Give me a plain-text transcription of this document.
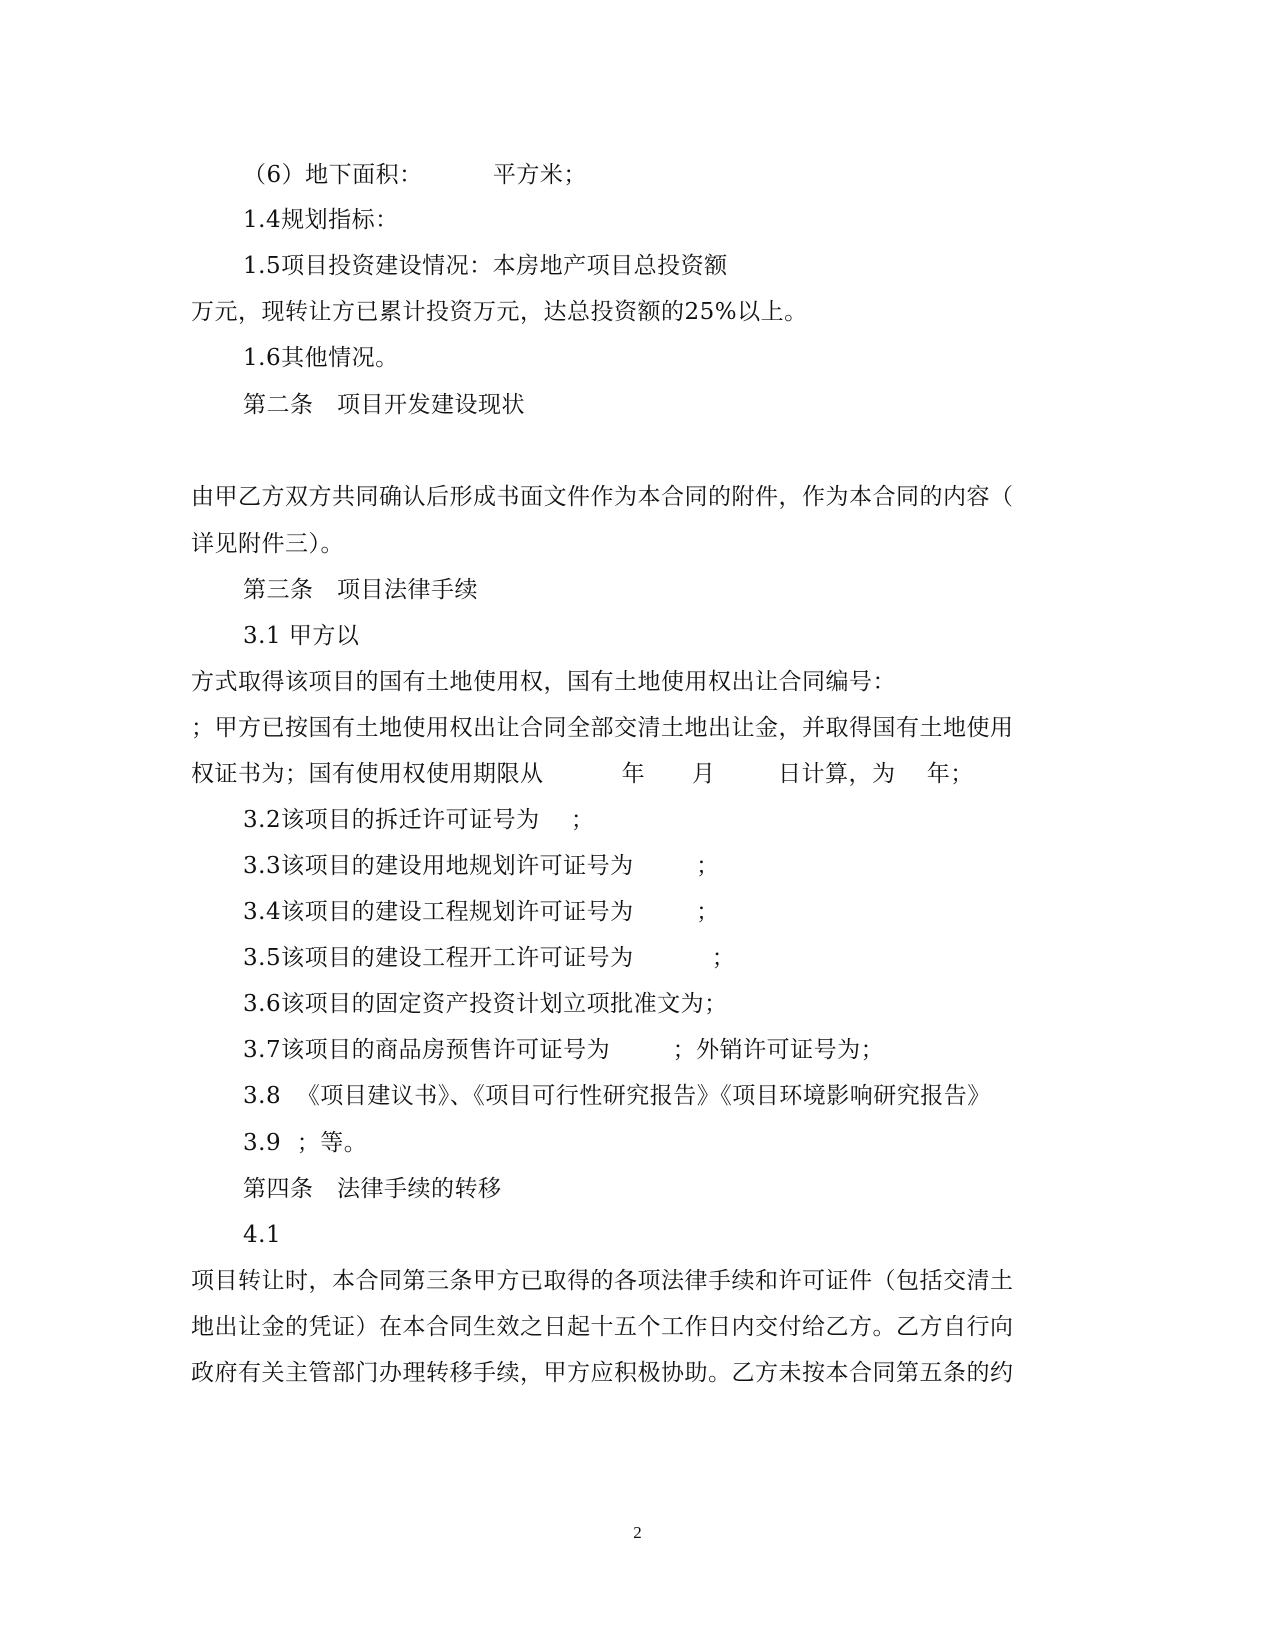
（6）地下面积：         平方米；
1.4规划指标：
1.5项目投资建设情况：本房地产项目总投资额
万元，现转让方已累计投资万元，达总投资额的25%以上。
1.6其他情况。
第二条　项目开发建设现状
由甲乙方双方共同确认后形成书面文件作为本合同的附件，作为本合同的内容（
详见附件三）。
第三条　项目法律手续
3.1 甲方以
方式取得该项目的国有土地使用权，国有土地使用权出让合同编号：
；甲方已按国有土地使用权出让合同全部交清土地出让金，并取得国有土地使用
权证书为；国有使用权使用期限从          年      月        日计算，为    年；
3.2该项目的拆迁许可证号为    ；
3.3该项目的建设用地规划许可证号为        ；
3.4该项目的建设工程规划许可证号为        ；
3.5该项目的建设工程开工许可证号为          ；
3.6该项目的固定资产投资计划立项批准文为；
3.7该项目的商品房预售许可证号为        ；外销许可证号为；
3.8  《项目建议书》、《项目可行性研究报告》《项目环境影响研究报告》
3.9  ；等。
第四条　法律手续的转移
4.1
项目转让时，本合同第三条甲方已取得的各项法律手续和许可证件（包括交清土
地出让金的凭证）在本合同生效之日起十五个工作日内交付给乙方。乙方自行向
政府有关主管部门办理转移手续，甲方应积极协助。乙方未按本合同第五条的约
2
